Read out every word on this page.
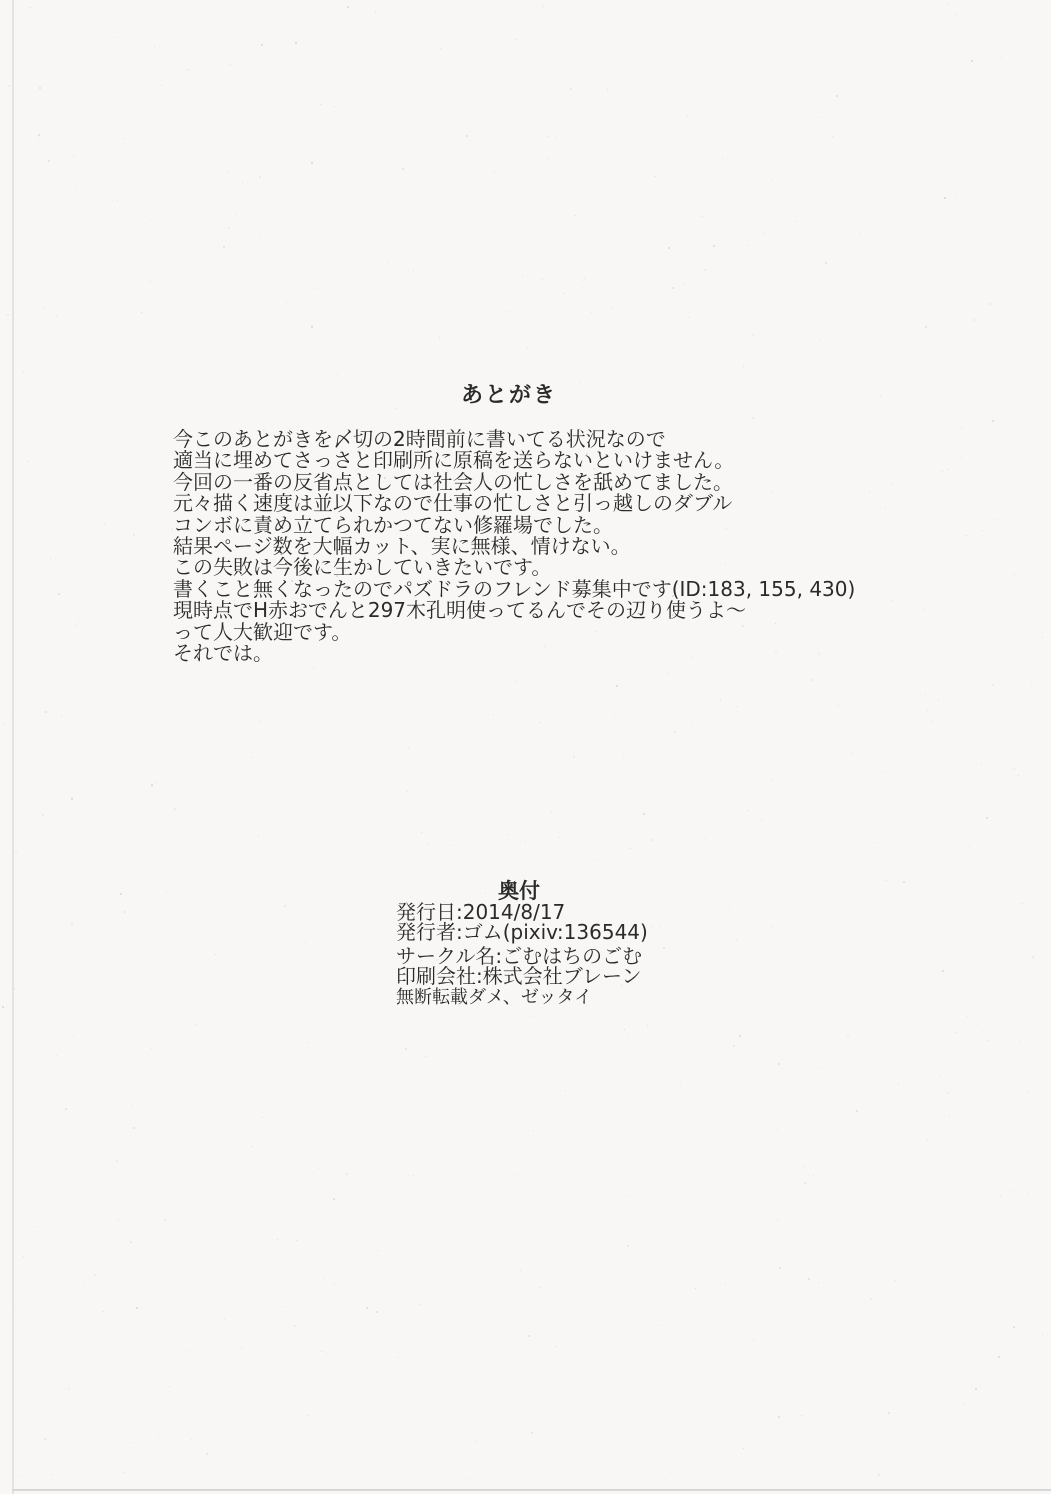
あとがき
今このあとがきを〆切の2時間前に書いてる状況なので
適当に埋めてさっさと印刷所に原稿を送らないといけません。
今回の一番の反省点としては社会人の忙しさを舐めてました。
元々描く速度は並以下なので仕事の忙しさと引っ越しのダブル
コンボに責め立てられかつてない修羅場でした。
結果ページ数を大幅カット、実に無様、情けない。
この失敗は今後に生かしていきたいです。
書くこと無くなったのでパズドラのフレンド募集中です(ID:183, 155, 430)
現時点でH赤おでんと297木孔明使ってるんでその辺り使うよ～
って人大歓迎です。
それでは。
奥付
発行日:2014/8/17
発行者:ゴム(pixiv:136544)
サークル名:ごむはちのごむ
印刷会社:株式会社ブレーン
無断転載ダメ、ゼッタイ
